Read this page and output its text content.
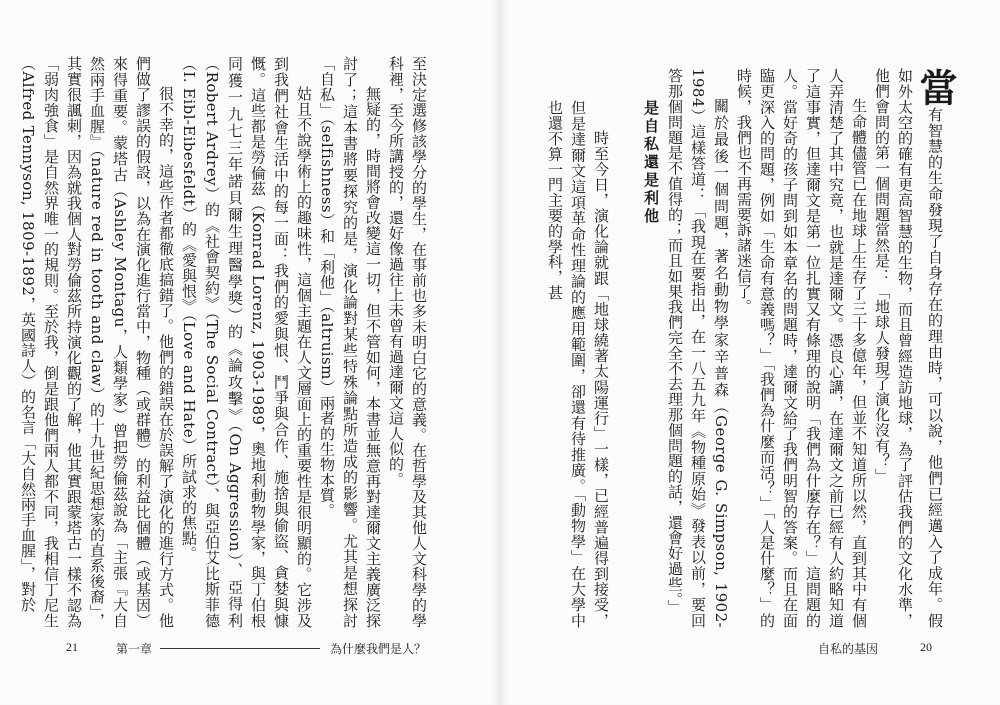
當有智慧的生命發現了自身存在的理由時，可以說，他們已經邁入了成年。假如外太空的確有更高智慧的生物，而且曾經造訪地球，為了評估我們的文化水準，他們會問的第一個問題當然是：「地球人發現了演化沒有？」

生命體儘管已在地球上生存了三十多億年，但並不知道所以然，直到其中有個人弄清楚了其中究竟，也就是達爾文。憑良心講，在達爾文之前已經有人約略知道了這事實，但達爾文是第一位扎實又有條理的說明「我們為什麼存在？」這問題的人。當好奇的孩子問到如本章名的問題時，達爾文給了我們明智的答案。而且在面臨更深入的問題，例如「生命有意義嗎？」「我們為什麼而活？」「人是什麼？」的時候，我們也不再需要訴諸迷信了。

關於最後一個問題，著名動物學家辛普森（George G. Simpson, 1902-1984）這樣答道：「我現在要指出，在一八五九年《物種原始》發表以前，要回答那個問題是不值得的；而且如果我們完全不去理那個問題的話，還會好過些。」

是自私還是利他

時至今日，演化論就跟「地球繞著太陽運行」一樣，已經普遍得到接受，但是達爾文這項革命性理論的應用範圍，卻還有待推廣。「動物學」在大學中也還不算一門主要的學科，甚

自私的基因	20

至決定選修該學分的學生，在事前也多未明白它的意義。在哲學及其他人文科學的學科裡，至今所講授的，還好像過往上未曾有過達爾文這人似的。

無疑的，時間將會改變這一切，但不管如何，本書並無意再對達爾文主義廣泛探討了；這本書將要探究的是，演化論對某些特殊論點所造成的影響。尤其是想探討「自私」（selfishness）和「利他」（altruism）兩者的生物本質。

姑且不說學術上的趣味性，這個主題在人文層面上的重要性是很明顯的。它涉及到我們社會生活中的每一面：我們的愛與恨、鬥爭與合作、施捨與偷盜、貪婪與慷慨。這些都是勞倫茲（Konrad Lorenz, 1903-1989，奧地利動物學家，與丁伯根同獲一九七三年諾貝爾生理醫學獎）的《論攻擊》（On Aggression）、亞得利（Robert Ardrey）的《社會契約》（The Social Contract）、與亞伯艾比斯菲德（I. Eibl-Eibesfeldt）的《愛與恨》（Love and Hate）所試求的焦點。

很不幸的，這些作者都徹底搞錯了。他們的錯誤在於誤解了演化的進行方式。他們做了謬誤的假設，以為在演化進行當中，物種（或群體）的利益比個體（或基因）來得重要。蒙塔古（Ashley Montagu，人類學家）曾把勞倫茲說為「主張『大自然兩手血腥』（nature red in tooth and claw）的十九世紀思想家的直系後裔」，其實很諷刺，因為就我個人對勞倫茲所持演化觀的了解，他其實跟蒙塔古一樣不認為「弱肉強食」是自然界唯一的規則。至於我，倒是跟他們兩人都不同，我相信丁尼生（Alfred Tennyson, 1809-1892，英國詩人）的名言「大自然兩手血腥」，對於

21	第一章	為什麼我們是人？
